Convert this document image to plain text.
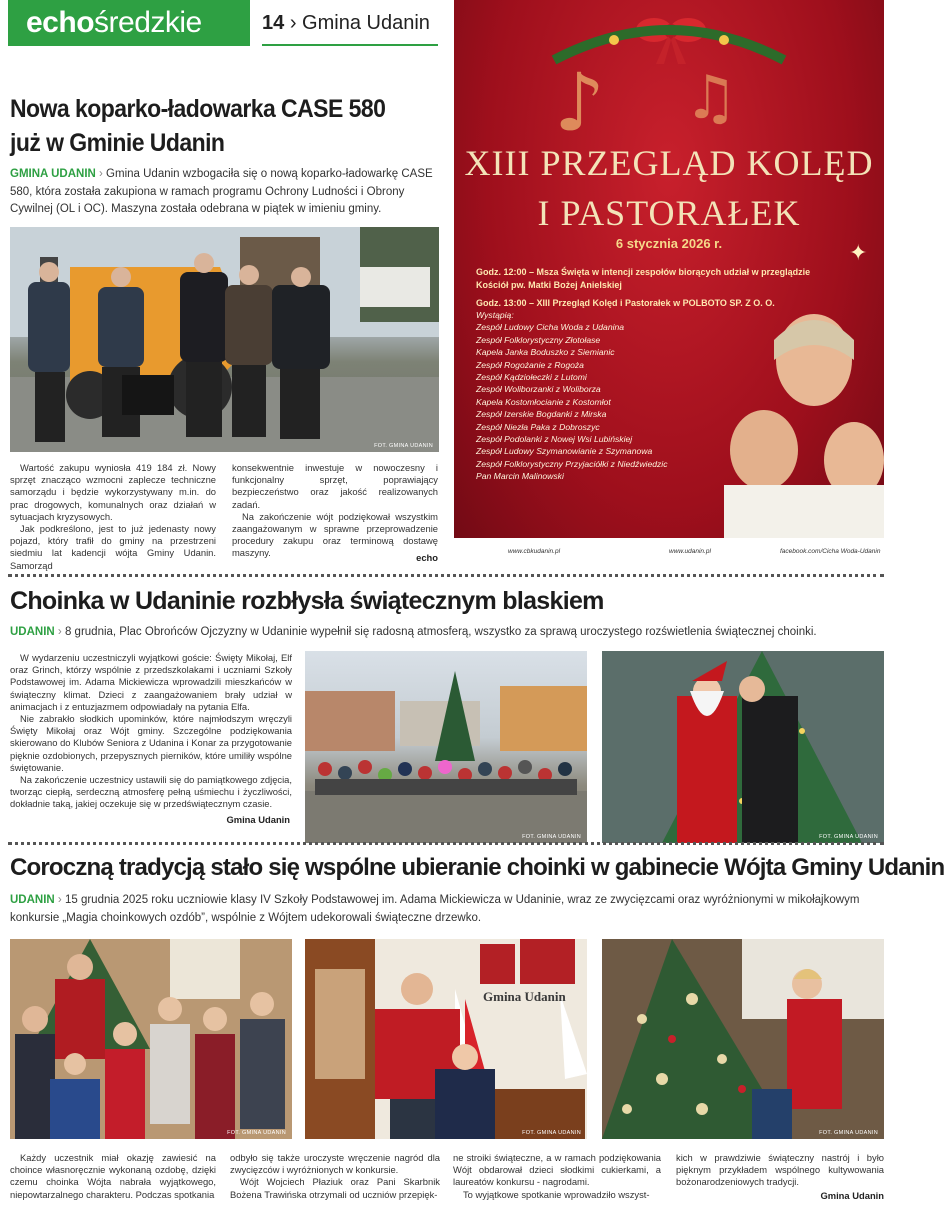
echośredzkie	14 › Gmina Udanin
Nowa koparko-ładowarka CASE 580
już w Gminie Udanin
GMINA UDANIN › Gmina Udanin wzbogaciła się o nową koparko-ładowarkę CASE 580, która została zakupiona w ramach programu Ochrony Ludności i Obrony Cywilnej (OL i OC). Maszyna została odebrana w piątek w imieniu gminy.
FOT. GMINA UDANIN

Wartość zakupu wyniosła 419 184 zł. Nowy sprzęt znacząco wzmocni zaplecze techniczne samorządu i będzie wykorzystywany m.in. do prac drogowych, komunalnych oraz działań w sytuacjach kryzysowych.

Jak podkreślono, jest to już jedenasty nowy pojazd, który trafił do gminy na przestrzeni siedmiu lat kadencji wójta Gminy Udanin. Samorząd

konsekwentnie inwestuje w nowoczesny i funkcjonalny sprzęt, poprawiający bezpieczeństwo oraz jakość realizowanych zadań.

Na zakończenie wójt podziękował wszystkim zaangażowanym w sprawne przeprowadzenie procedury zakupu oraz terminową dostawę maszyny.	echo
♪ ♫
✦
XIII PRZEGLĄD KOLĘD
I PASTORAŁEK
6 stycznia 2026 r.
Godz. 12:00 – Msza Święta w intencji zespołów biorących udział w przeglądzie
Kościół pw. Matki Bożej Anielskiej
Godz. 13:00 – XIII Przegląd Kolęd i Pastorałek w POLBOTO SP. Z O. O.
Wystąpią:
Zespół Ludowy Cicha Woda z Udanina
Zespół Folklorystyczny Złotołase
Kapela Janka Boduszko z Siemianic
Zespół Rogożanie z Rogoża
Zespół Kądziołeczki z Lutomi
Zespół Woliborzanki z Woliborza
Kapela Kostomłocianie z Kostomłot
Zespół Izerskie Bogdanki z Mirska
Zespół Niezła Paka z Dobroszyc
Zespół Podolanki z Nowej Wsi Lubińskiej
Zespół Ludowy Szymanowianie z Szymanowa
Zespół Folklorystyczny Przyjaciółki z Niedźwiedzic
Pan Marcin Malinowski
www.cbkudanin.pl	www.udanin.pl	facebook.com/Cicha Woda-Udanin
Choinka w Udaninie rozbłysła świątecznym blaskiem
UDANIN › 8 grudnia, Plac Obrońców Ojczyzny w Udaninie wypełnił się radosną atmosferą, wszystko za sprawą uroczystego rozświetlenia świątecznej choinki.

W wydarzeniu uczestniczyli wyjątkowi goście: Święty Mikołaj, Elf oraz Grinch, którzy wspólnie z przedszkolakami i uczniami Szkoły Podstawowej im. Adama Mickiewicza wprowadzili mieszkańców w świąteczny klimat. Dzieci z zaangażowaniem brały udział w animacjach i z entuzjazmem odpowiadały na pytania Elfa.

Nie zabrakło słodkich upominków, które najmłodszym wręczyli Święty Mikołaj oraz Wójt gminy. Szczególne podziękowania skierowano do Klubów Seniora z Udanina i Konar za przygotowanie pięknie ozdobionych, przepysznych pierników, które umiliły wspólne świętowanie.

Na zakończenie uczestnicy ustawili się do pamiątkowego zdjęcia, tworząc ciepłą, serdeczną atmosferę pełną uśmiechu i życzliwości, dokładnie taką, jakiej oczekuje się w przedświątecznym czasie.

Gmina Udanin
FOT. GMINA UDANIN	FOT. GMINA UDANIN
Coroczną tradycją stało się wspólne ubieranie choinki w gabinecie Wójta Gminy Udanin
UDANIN › 15 grudnia 2025 roku uczniowie klasy IV Szkoły Podstawowej im. Adama Mickiewicza w Udaninie, wraz ze zwycięzcami oraz wyróżnionymi w mikołajkowym konkursie „Magia choinkowych ozdób”, wspólnie z Wójtem udekorowali świąteczne drzewko.
FOT. GMINA UDANIN
Gmina Udanin
FOT. GMINA UDANIN	FOT. GMINA UDANIN

Każdy uczestnik miał okazję zawiesić na choince własnoręcznie wykonaną ozdobę, dzięki czemu choinka Wójta nabrała wyjątkowego, niepowtarzalnego charakteru. Podczas spotkania

odbyło się także uroczyste wręczenie nagród dla zwycięzców i wyróżnionych w konkursie.

Wójt Wojciech Płaziuk oraz Pani Skarbnik Bożena Trawińska otrzymali od uczniów przepięk-

ne stroiki świąteczne, a w ramach podziękowania Wójt obdarował dzieci słodkimi cukierkami, a laureatów konkursu - nagrodami.

To wyjątkowe spotkanie wprowadziło wszyst-

kich w prawdziwie świąteczny nastrój i było pięknym przykładem wspólnego kultywowania bożonarodzeniowych tradycji.

Gmina Udanin
